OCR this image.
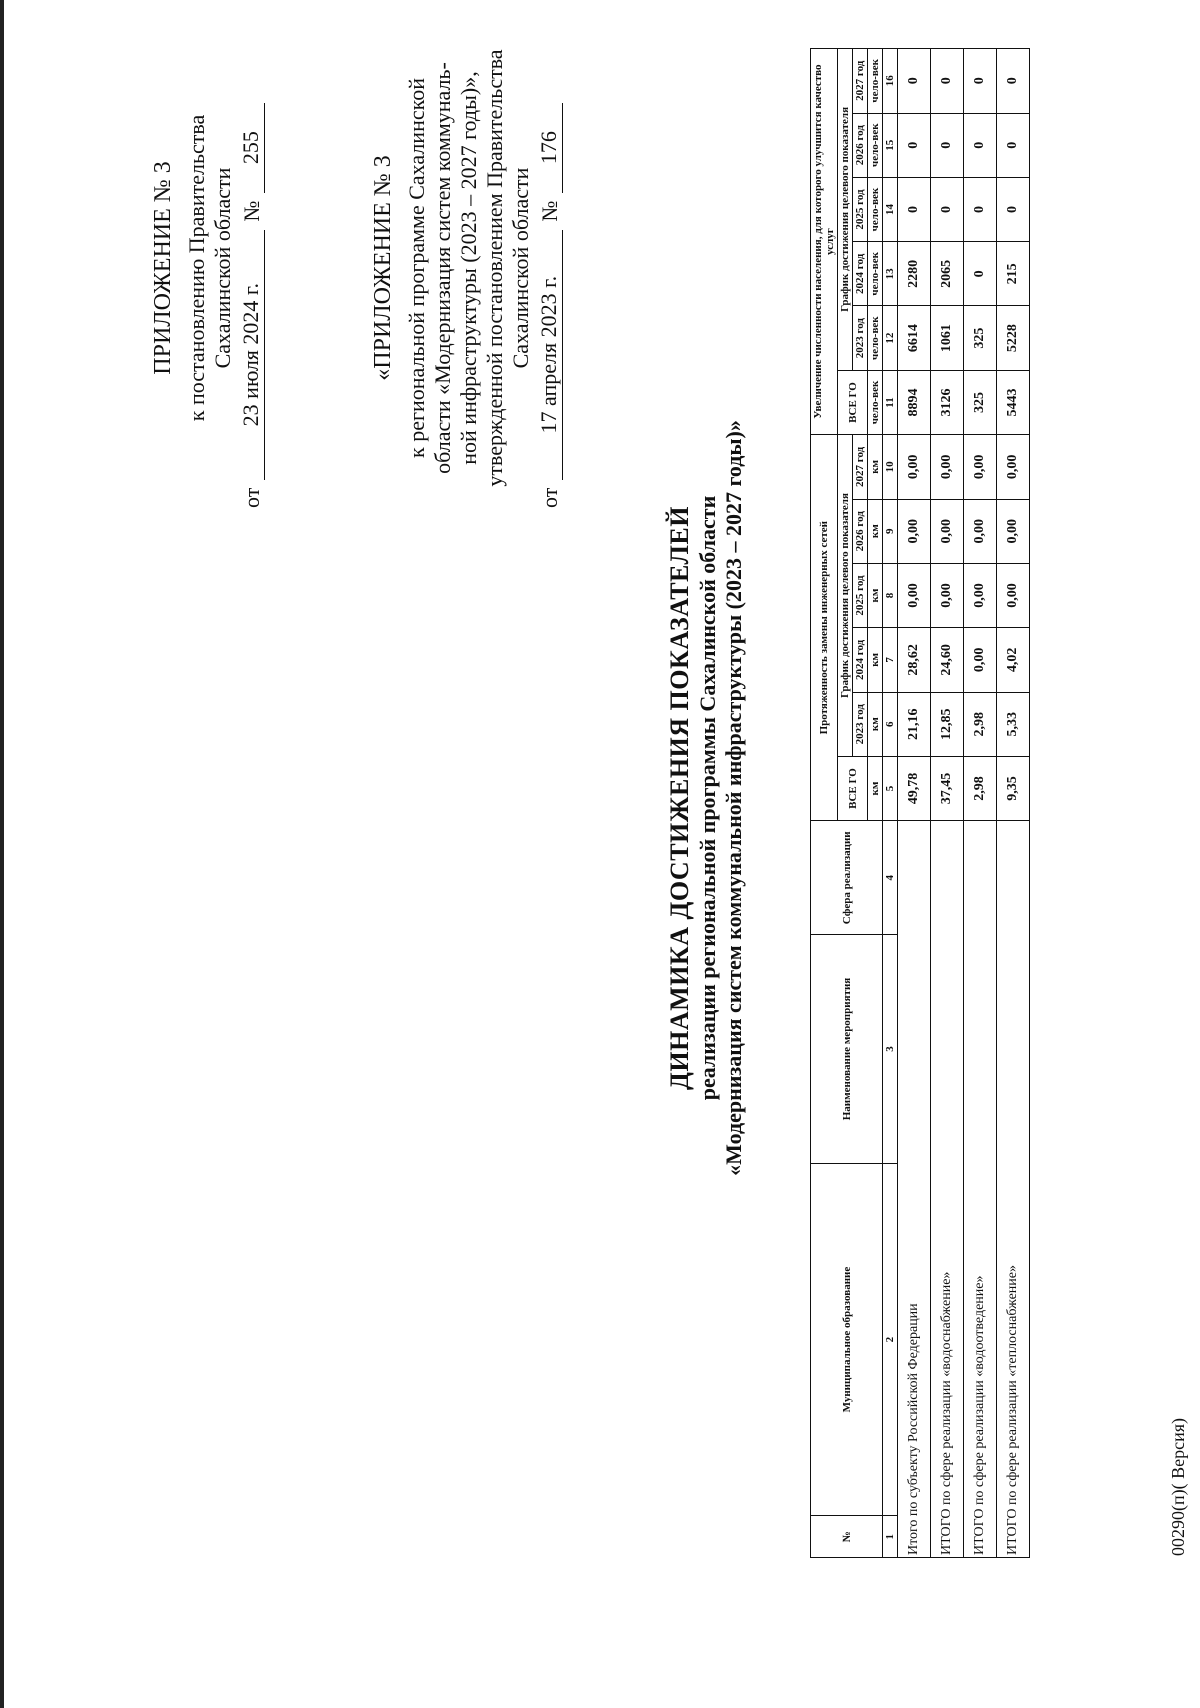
ПРИЛОЖЕНИЕ № 3 к постановлению Правительства Сахалинской области
от
23 июля 2024 г.
№
255
«ПРИЛОЖЕНИЕ № 3 к региональной программе Сахалинской области «Модернизация систем коммуналь- ной инфраструктуры (2023 – 2027 годы)», утвержденной постановлением Правительства Сахалинской области
от
17 апреля 2023 г.
№
176
ДИНАМИКА ДОСТИЖЕНИЯ ПОКАЗАТЕЛЕЙ реализации региональной программы Сахалинской области «Модернизация систем коммунальной инфраструктуры (2023 – 2027 годы)»
№	Муниципальное образование	Наименование мероприятия	Сфера реализации	Протяженность замены инженерных сетей						Увеличение численности населения, для которого улучшится качество услуг					
				ВСЕ ГО	График достижения целевого показателя					ВСЕ ГО	График достижения целевого показателя				
					2023 год	2024 год	2025 год	2026 год	2027 год		2023 год	2024 год	2025 год	2026 год	2027 год
				км	км	км	км	км	км	чело-век	чело-век	чело-век	чело-век	чело-век	чело-век
1	2	3	4	5	6	7	8	9	10	11	12	13	14	15	16
Итого по субъекту Российской Федерации				49,78	21,16	28,62	0,00	0,00	0,00	8894	6614	2280	0	0	0
ИТОГО по сфере реализации «водоснабжение»				37,45	12,85	24,60	0,00	0,00	0,00	3126	1061	2065	0	0	0
ИТОГО по сфере реализации «водоотведение»				2,98	2,98	0,00	0,00	0,00	0,00	325	325	0	0	0	0
ИТОГО по сфере реализации «теплоснабжение»				9,35	5,33	4,02	0,00	0,00	0,00	5443	5228	215	0	0	0
00290(п)( Версия)
